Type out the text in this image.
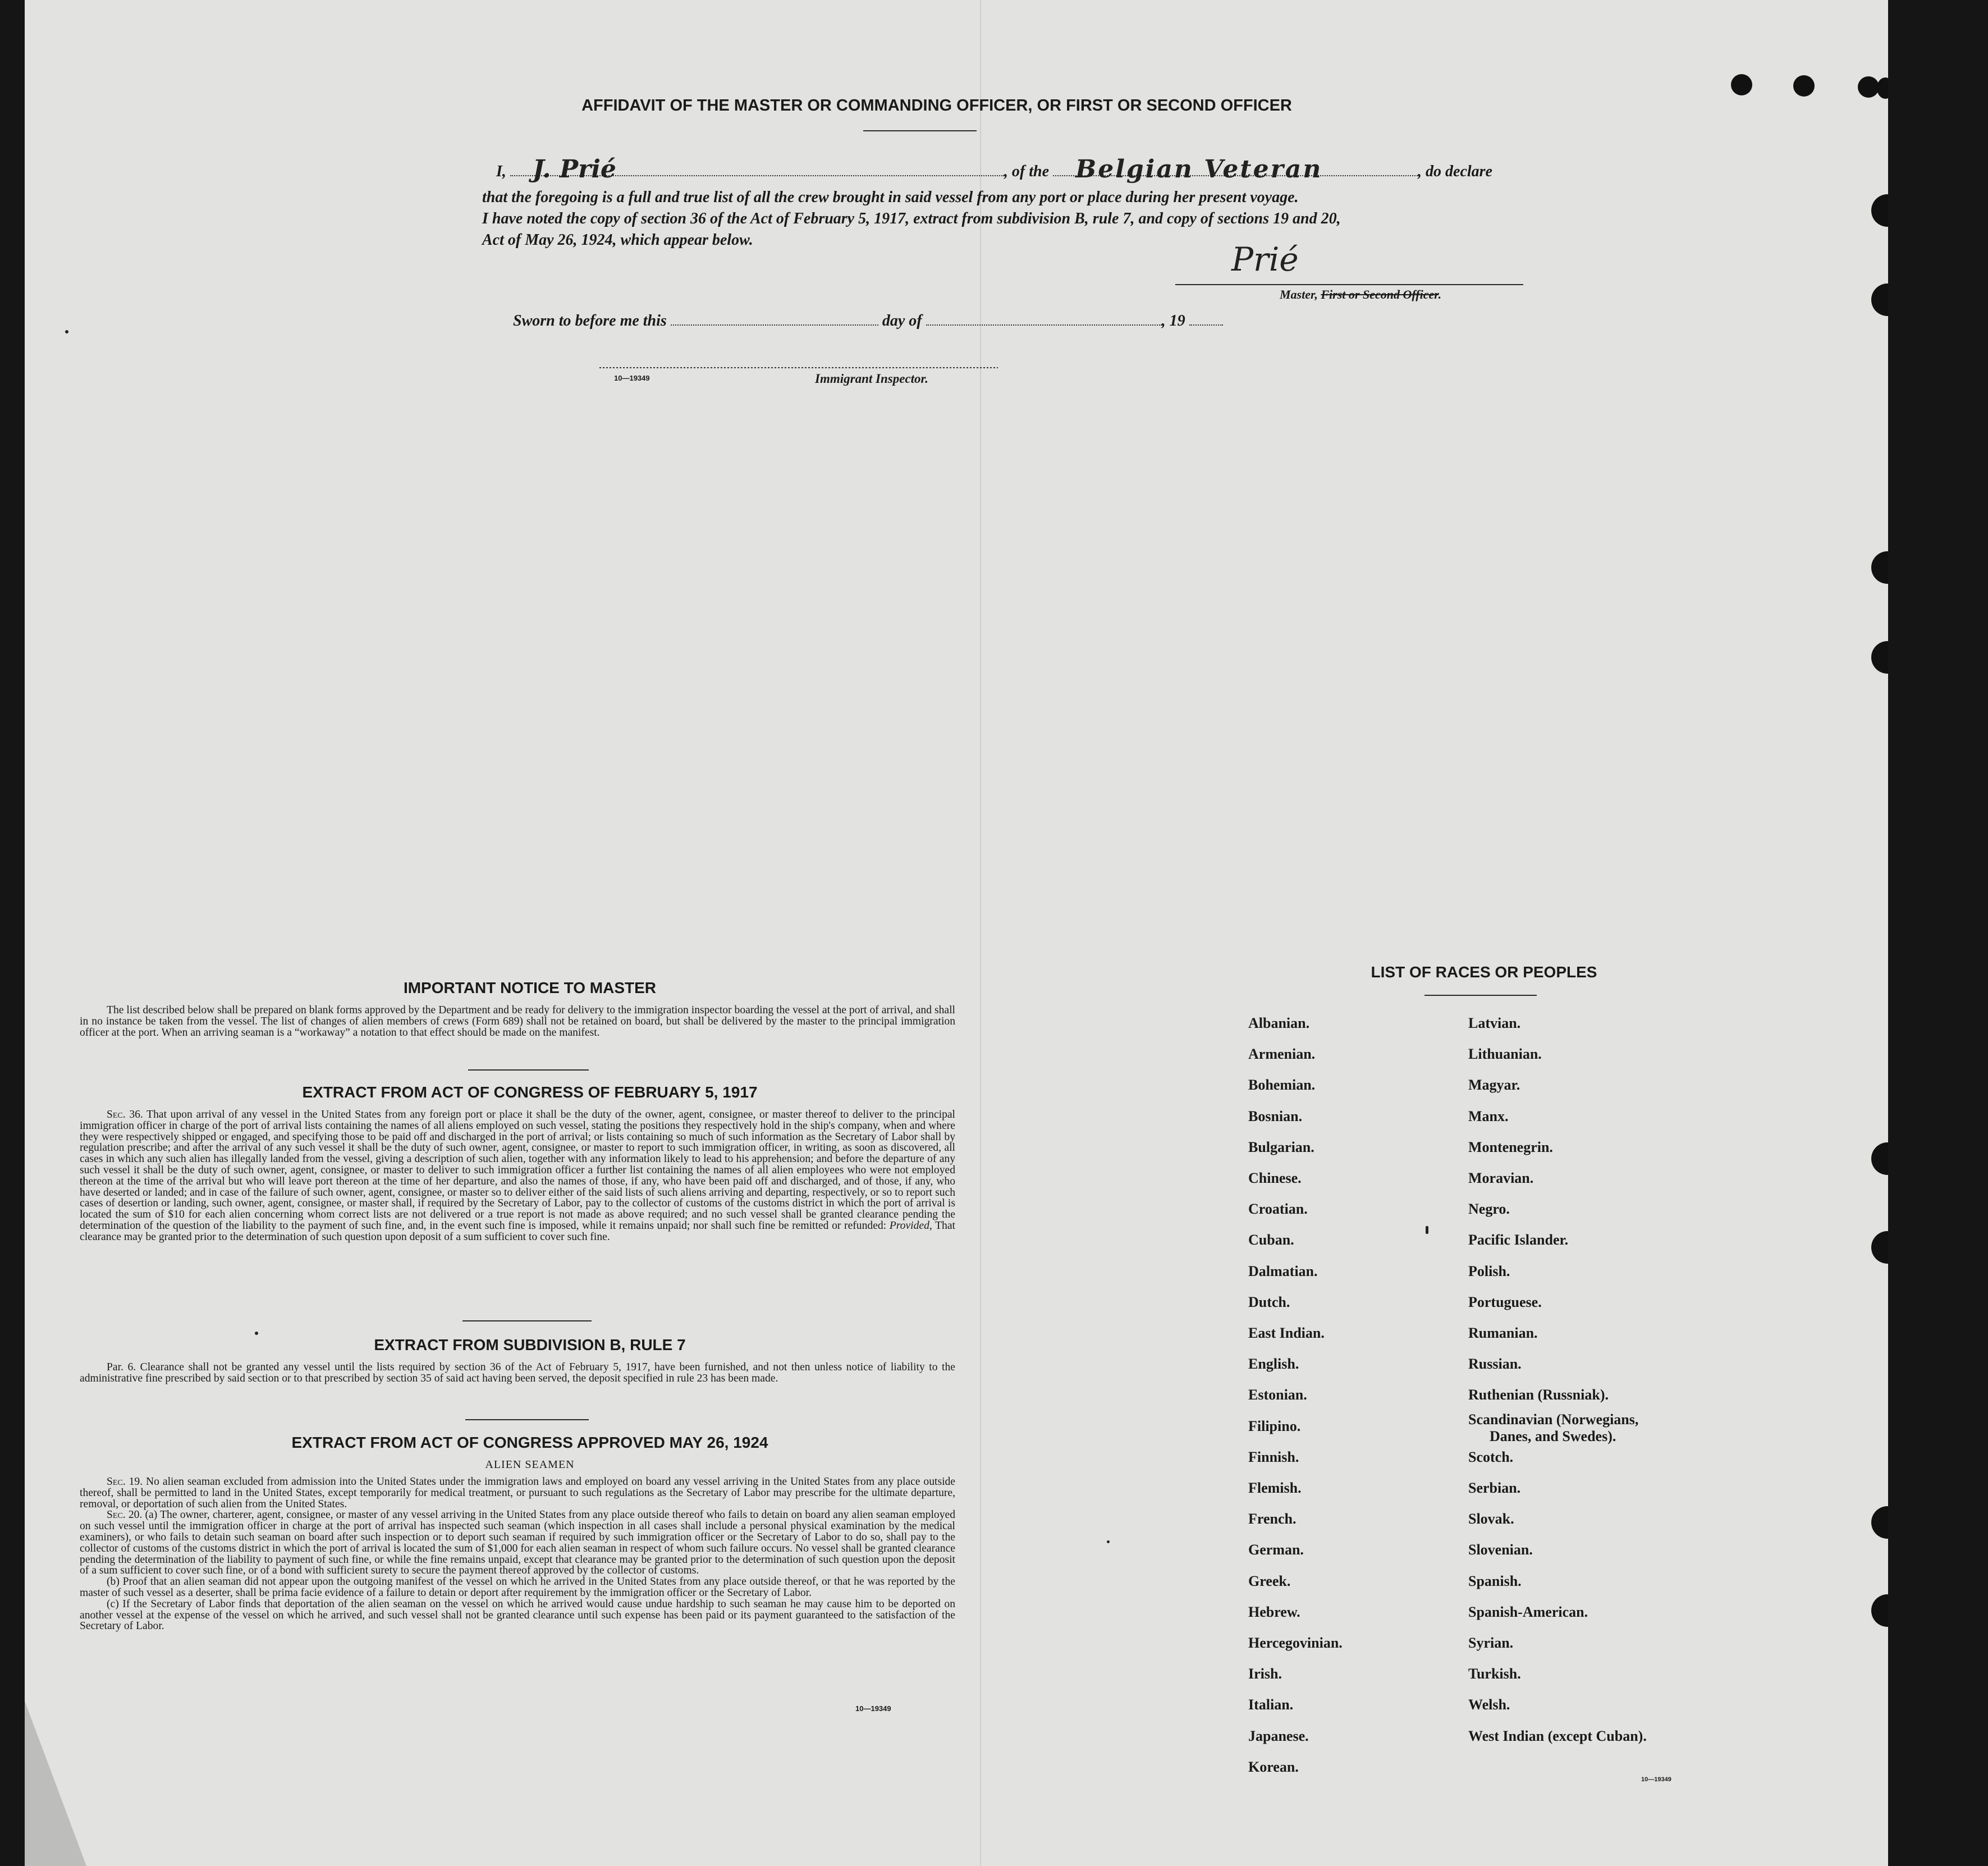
AFFIDAVIT OF THE MASTER OR COMMANDING OFFICER, OR FIRST OR SECOND OFFICER
I, J. Prié	, of the Belgian Veteran	, do declare
that the foregoing is a full and true list of all the crew brought in said vessel from any port or place during her present voyage.
I have noted the copy of section 36 of the Act of February 5, 1917, extract from subdivision B, rule 7, and copy of sections 19 and 20,
Act of May 26, 1924, which appear below.
Prié
Master, First or Second Officer.
Sworn to before me this	day of	, 19
10—19349	Immigrant Inspector.
IMPORTANT NOTICE TO MASTER

The list described below shall be prepared on blank forms approved by the Department and be ready for delivery to the immigration inspector boarding the vessel at the port of arrival, and shall in no instance be taken from the vessel. The list of changes of alien members of crews (Form 689) shall not be retained on board, but shall be delivered by the master to the principal immigration officer at the port. When an arriving seaman is a “workaway” a notation to that effect should be made on the manifest.

EXTRACT FROM ACT OF CONGRESS OF FEBRUARY 5, 1917

Sec. 36. That upon arrival of any vessel in the United States from any foreign port or place it shall be the duty of the owner, agent, consignee, or master thereof to deliver to the principal immigration officer in charge of the port of arrival lists containing the names of all aliens employed on such vessel, stating the positions they respectively hold in the ship's company, when and where they were respectively shipped or engaged, and specifying those to be paid off and discharged in the port of arrival; or lists containing so much of such information as the Secretary of Labor shall by regulation prescribe; and after the arrival of any such vessel it shall be the duty of such owner, agent, consignee, or master to report to such immigration officer, in writing, as soon as discovered, all cases in which any such alien has illegally landed from the vessel, giving a description of such alien, together with any information likely to lead to his apprehension; and before the departure of any such vessel it shall be the duty of such owner, agent, consignee, or master to deliver to such immigration officer a further list containing the names of all alien employees who were not employed thereon at the time of the arrival but who will leave port thereon at the time of her departure, and also the names of those, if any, who have been paid off and discharged, and of those, if any, who have deserted or landed; and in case of the failure of such owner, agent, consignee, or master so to deliver either of the said lists of such aliens arriving and departing, respectively, or so to report such cases of desertion or landing, such owner, agent, consignee, or master shall, if required by the Secretary of Labor, pay to the collector of customs of the customs district in which the port of arrival is located the sum of $10 for each alien concerning whom correct lists are not delivered or a true report is not made as above required; and no such vessel shall be granted clearance pending the determination of the question of the liability to the payment of such fine, and, in the event such fine is imposed, while it remains unpaid; nor shall such fine be remitted or refunded: Provided, That clearance may be granted prior to the determination of such question upon deposit of a sum sufficient to cover such fine.

EXTRACT FROM SUBDIVISION B, RULE 7

Par. 6. Clearance shall not be granted any vessel until the lists required by section 36 of the Act of February 5, 1917, have been furnished, and not then unless notice of liability to the administrative fine prescribed by said section or to that prescribed by section 35 of said act having been served, the deposit specified in rule 23 has been made.

EXTRACT FROM ACT OF CONGRESS APPROVED MAY 26, 1924
ALIEN SEAMEN

Sec. 19. No alien seaman excluded from admission into the United States under the immigration laws and employed on board any vessel arriving in the United States from any place outside thereof, shall be permitted to land in the United States, except temporarily for medical treatment, or pursuant to such regulations as the Secretary of Labor may prescribe for the ultimate departure, removal, or deportation of such alien from the United States.

Sec. 20. (a) The owner, charterer, agent, consignee, or master of any vessel arriving in the United States from any place outside thereof who fails to detain on board any alien seaman employed on such vessel until the immigration officer in charge at the port of arrival has inspected such seaman (which inspection in all cases shall include a personal physical examination by the medical examiners), or who fails to detain such seaman on board after such inspection or to deport such seaman if required by such immigration officer or the Secretary of Labor to do so, shall pay to the collector of customs of the customs district in which the port of arrival is located the sum of $1,000 for each alien seaman in respect of whom such failure occurs. No vessel shall be granted clearance pending the determination of the liability to payment of such fine, or while the fine remains unpaid, except that clearance may be granted prior to the determination of such question upon the deposit of a sum sufficient to cover such fine, or of a bond with sufficient surety to secure the payment thereof approved by the collector of customs.

(b) Proof that an alien seaman did not appear upon the outgoing manifest of the vessel on which he arrived in the United States from any place outside thereof, or that he was reported by the master of such vessel as a deserter, shall be prima facie evidence of a failure to detain or deport after requirement by the immigration officer or the Secretary of Labor.

(c) If the Secretary of Labor finds that deportation of the alien seaman on the vessel on which he arrived would cause undue hardship to such seaman he may cause him to be deported on another vessel at the expense of the vessel on which he arrived, and such vessel shall not be granted clearance until such expense has been paid or its payment guaranteed to the satisfaction of the Secretary of Labor.

10—19349
LIST OF RACES OR PEOPLES
10—19349
Albanian.
Armenian.
Bohemian.
Bosnian.
Bulgarian.
Chinese.
Croatian.
Cuban.
Dalmatian.
Dutch.
East Indian.
English.
Estonian.
Filipino.
Finnish.
Flemish.
French.
German.
Greek.
Hebrew.
Hercegovinian.
Irish.
Italian.
Japanese.
Korean.
Latvian.
Lithuanian.
Magyar.
Manx.
Montenegrin.
Moravian.
Negro.
Pacific Islander.
Polish.
Portuguese.
Rumanian.
Russian.
Ruthenian (Russniak).
Scandinavian (Norwegians,
Danes, and Swedes).
Scotch.
Serbian.
Slovak.
Slovenian.
Spanish.
Spanish-American.
Syrian.
Turkish.
Welsh.
West Indian (except Cuban).
